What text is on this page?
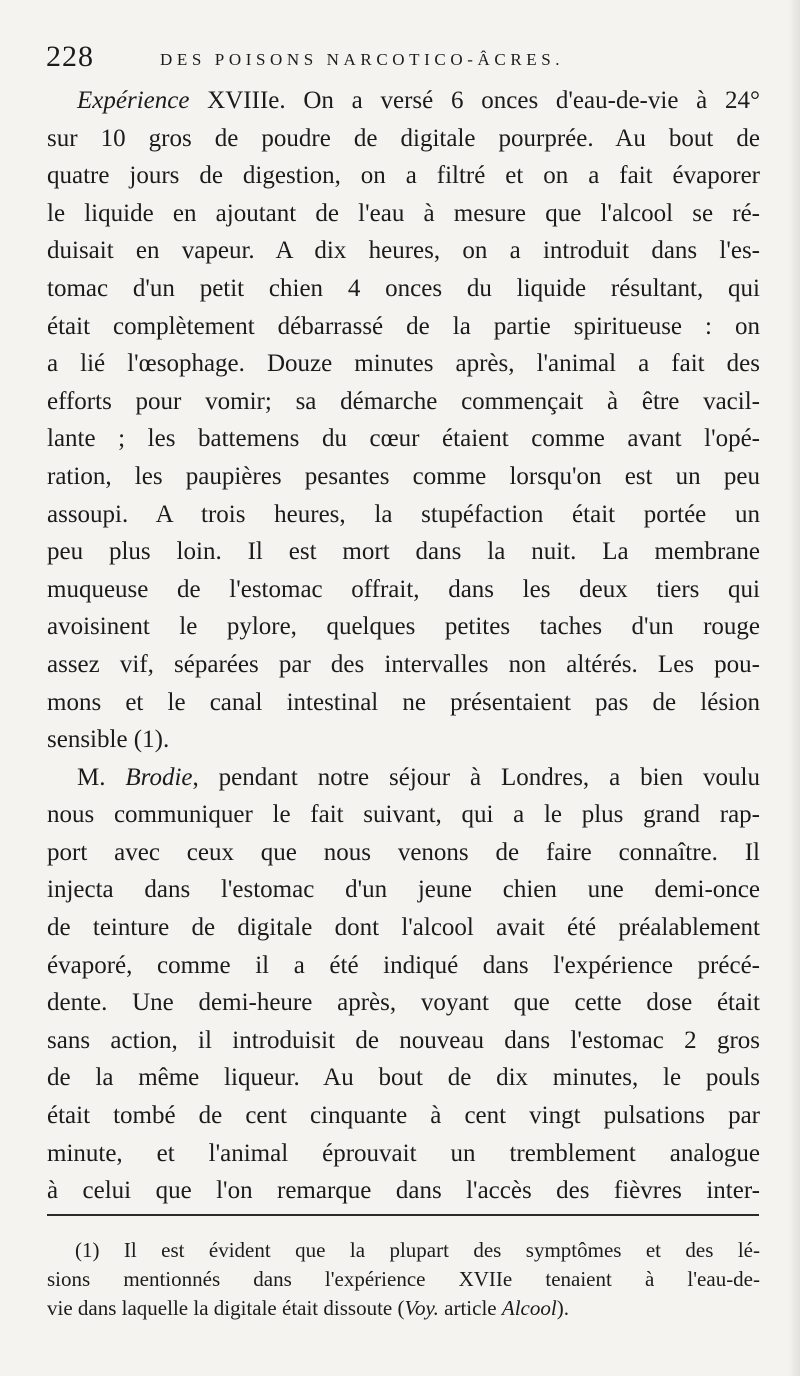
228	DES POISONS NARCOTICO-ÂCRES.
Expérience XVIIIe. On a versé 6 onces d'eau-de-vie à 24°
sur 10 gros de poudre de digitale pourprée. Au bout de
quatre jours de digestion, on a filtré et on a fait évaporer
le liquide en ajoutant de l'eau à mesure que l'alcool se ré-
duisait en vapeur. A dix heures, on a introduit dans l'es-
tomac d'un petit chien 4 onces du liquide résultant, qui
était complètement débarrassé de la partie spiritueuse : on
a lié l'œsophage. Douze minutes après, l'animal a fait des
efforts pour vomir; sa démarche commençait à être vacil-
lante ; les battemens du cœur étaient comme avant l'opé-
ration, les paupières pesantes comme lorsqu'on est un peu
assoupi. A trois heures, la stupéfaction était portée un
peu plus loin. Il est mort dans la nuit. La membrane
muqueuse de l'estomac offrait, dans les deux tiers qui
avoisinent le pylore, quelques petites taches d'un rouge
assez vif, séparées par des intervalles non altérés. Les pou-
mons et le canal intestinal ne présentaient pas de lésion
sensible (1).
M. Brodie, pendant notre séjour à Londres, a bien voulu
nous communiquer le fait suivant, qui a le plus grand rap-
port avec ceux que nous venons de faire connaître. Il
injecta dans l'estomac d'un jeune chien une demi-once
de teinture de digitale dont l'alcool avait été préalablement
évaporé, comme il a été indiqué dans l'expérience précé-
dente. Une demi-heure après, voyant que cette dose était
sans action, il introduisit de nouveau dans l'estomac 2 gros
de la même liqueur. Au bout de dix minutes, le pouls
était tombé de cent cinquante à cent vingt pulsations par
minute, et l'animal éprouvait un tremblement analogue
à celui que l'on remarque dans l'accès des fièvres inter-
(1) Il est évident que la plupart des symptômes et des lé-
sions mentionnés dans l'expérience XVIIe tenaient à l'eau-de-
vie dans laquelle la digitale était dissoute (Voy. article Alcool).
